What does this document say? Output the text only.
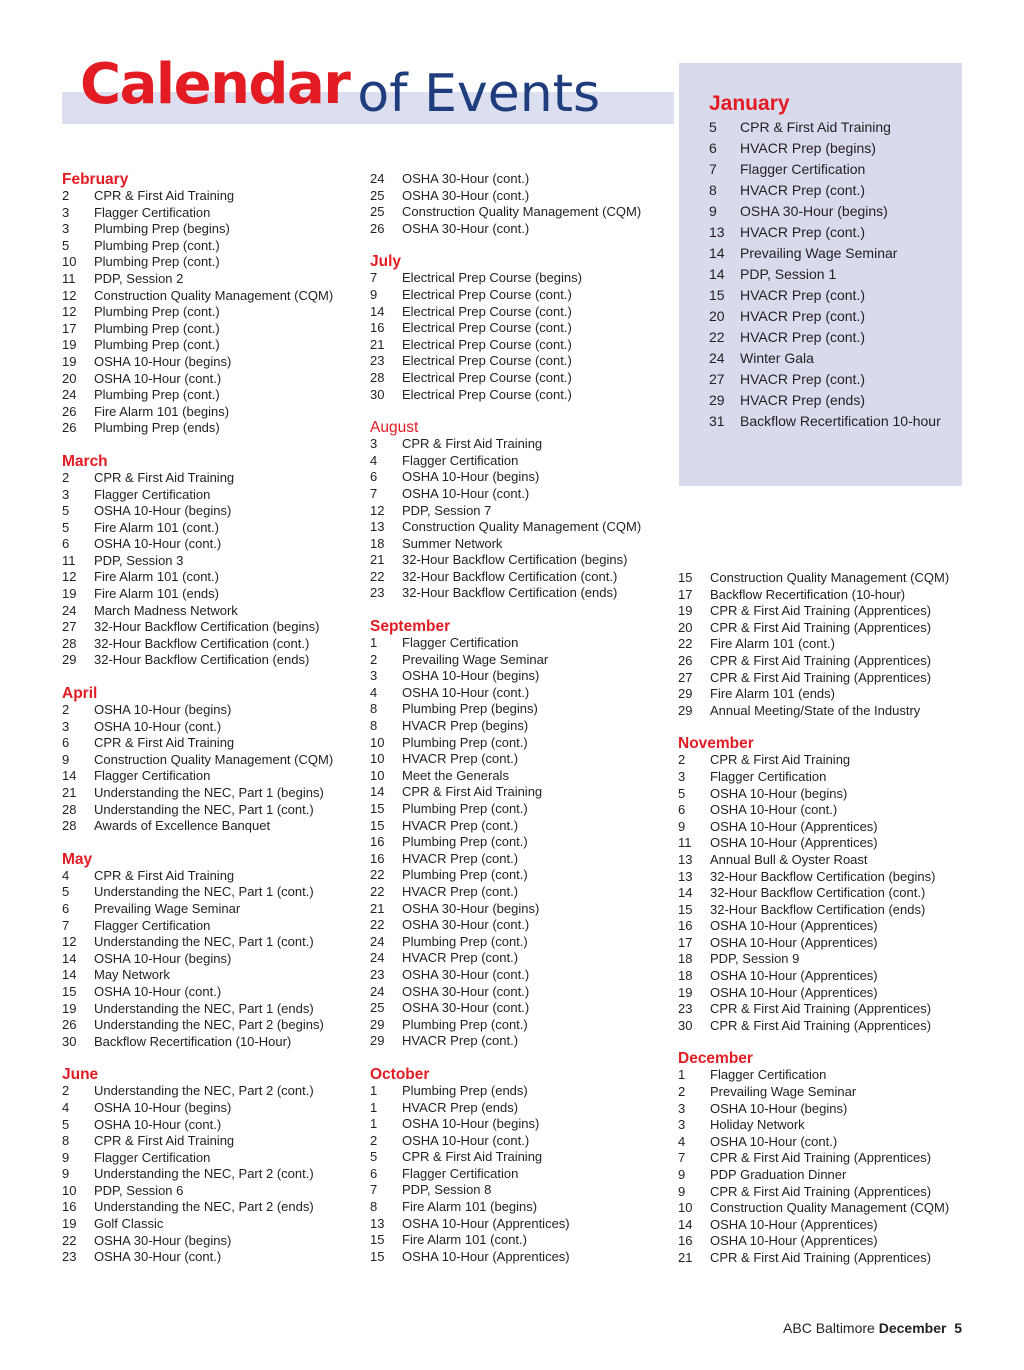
Calendar of Events
February
2	CPR & First Aid Training
3	Flagger Certification
3	Plumbing Prep (begins)
5	Plumbing Prep (cont.)
10	Plumbing Prep (cont.)
11	PDP, Session 2
12	Construction Quality Management (CQM)
12	Plumbing Prep (cont.)
17	Plumbing Prep (cont.)
19	Plumbing Prep (cont.)
19	OSHA 10-Hour (begins)
20	OSHA 10-Hour (cont.)
24	Plumbing Prep (cont.)
26	Fire Alarm 101 (begins)
26	Plumbing Prep (ends)
March
2	CPR & First Aid Training
3	Flagger Certification
5	OSHA 10-Hour (begins)
5	Fire Alarm 101 (cont.)
6	OSHA 10-Hour (cont.)
11	PDP, Session 3
12	Fire Alarm 101 (cont.)
19	Fire Alarm 101 (ends)
24	March Madness Network
27	32-Hour Backflow Certification (begins)
28	32-Hour Backflow Certification (cont.)
29	32-Hour Backflow Certification (ends)
April
2	OSHA 10-Hour (begins)
3	OSHA 10-Hour (cont.)
6	CPR & First Aid Training
9	Construction Quality Management (CQM)
14	Flagger Certification
21	Understanding the NEC, Part 1 (begins)
28	Understanding the NEC, Part 1 (cont.)
28	Awards of Excellence Banquet
May
4	CPR & First Aid Training
5	Understanding the NEC, Part 1 (cont.)
6	Prevailing Wage Seminar
7	Flagger Certification
12	Understanding the NEC, Part 1 (cont.)
14	OSHA 10-Hour (begins)
14	May Network
15	OSHA 10-Hour (cont.)
19	Understanding the NEC, Part 1 (ends)
26	Understanding the NEC, Part 2 (begins)
30	Backflow Recertification (10-Hour)
June
2	Understanding the NEC, Part 2 (cont.)
4	OSHA 10-Hour (begins)
5	OSHA 10-Hour (cont.)
8	CPR & First Aid Training
9	Flagger Certification
9	Understanding the NEC, Part 2 (cont.)
10	PDP, Session 6
16	Understanding the NEC, Part 2 (ends)
19	Golf Classic
22	OSHA 30-Hour (begins)
23	OSHA 30-Hour (cont.)
24	OSHA 30-Hour (cont.)
25	OSHA 30-Hour (cont.)
25	Construction Quality Management (CQM)
26	OSHA 30-Hour (cont.)
July
7	Electrical Prep Course (begins)
9	Electrical Prep Course (cont.)
14	Electrical Prep Course (cont.)
16	Electrical Prep Course (cont.)
21	Electrical Prep Course (cont.)
23	Electrical Prep Course (cont.)
28	Electrical Prep Course (cont.)
30	Electrical Prep Course (cont.)
August
3	CPR & First Aid Training
4	Flagger Certification
6	OSHA 10-Hour (begins)
7	OSHA 10-Hour (cont.)
12	PDP, Session 7
13	Construction Quality Management (CQM)
18	Summer Network
21	32-Hour Backflow Certification (begins)
22	32-Hour Backflow Certification (cont.)
23	32-Hour Backflow Certification (ends)
September
1	Flagger Certification
2	Prevailing Wage Seminar
3	OSHA 10-Hour (begins)
4	OSHA 10-Hour (cont.)
8	Plumbing Prep (begins)
8	HVACR Prep (begins)
10	Plumbing Prep (cont.)
10	HVACR Prep (cont.)
10	Meet the Generals
14	CPR & First Aid Training
15	Plumbing Prep (cont.)
15	HVACR Prep (cont.)
16	Plumbing Prep (cont.)
16	HVACR Prep (cont.)
22	Plumbing Prep (cont.)
22	HVACR Prep (cont.)
21	OSHA 30-Hour (begins)
22	OSHA 30-Hour (cont.)
24	Plumbing Prep (cont.)
24	HVACR Prep (cont.)
23	OSHA 30-Hour (cont.)
24	OSHA 30-Hour (cont.)
25	OSHA 30-Hour (cont.)
29	Plumbing Prep (cont.)
29	HVACR Prep (cont.)
October
1	Plumbing Prep (ends)
1	HVACR Prep (ends)
1	OSHA 10-Hour (begins)
2	OSHA 10-Hour (cont.)
5	CPR & First Aid Training
6	Flagger Certification
7	PDP, Session 8
8	Fire Alarm 101 (begins)
13	OSHA 10-Hour (Apprentices)
15	Fire Alarm 101 (cont.)
15	OSHA 10-Hour (Apprentices)
15	Construction Quality Management (CQM)
17	Backflow Recertification (10-hour)
19	CPR & First Aid Training (Apprentices)
20	CPR & First Aid Training (Apprentices)
22	Fire Alarm 101 (cont.)
26	CPR & First Aid Training (Apprentices)
27	CPR & First Aid Training (Apprentices)
29	Fire Alarm 101 (ends)
29	Annual Meeting/State of the Industry
November
2	CPR & First Aid Training
3	Flagger Certification
5	OSHA 10-Hour (begins)
6	OSHA 10-Hour (cont.)
9	OSHA 10-Hour (Apprentices)
11	OSHA 10-Hour (Apprentices)
13	Annual Bull & Oyster Roast
13	32-Hour Backflow Certification (begins)
14	32-Hour Backflow Certification (cont.)
15	32-Hour Backflow Certification (ends)
16	OSHA 10-Hour (Apprentices)
17	OSHA 10-Hour (Apprentices)
18	PDP, Session 9
18	OSHA 10-Hour (Apprentices)
19	OSHA 10-Hour (Apprentices)
23	CPR & First Aid Training (Apprentices)
30	CPR & First Aid Training (Apprentices)
December
1	Flagger Certification
2	Prevailing Wage Seminar
3	OSHA 10-Hour (begins)
3	Holiday Network
4	OSHA 10-Hour (cont.)
7	CPR & First Aid Training (Apprentices)
9	PDP Graduation Dinner
9	CPR & First Aid Training (Apprentices)
10	Construction Quality Management (CQM)
14	OSHA 10-Hour (Apprentices)
16	OSHA 10-Hour (Apprentices)
21	CPR & First Aid Training (Apprentices)
January
5	CPR & First Aid Training
6	HVACR Prep (begins)
7	Flagger Certification
8	HVACR Prep (cont.)
9	OSHA 30-Hour (begins)
13	HVACR Prep (cont.)
14	Prevailing Wage Seminar
14	PDP, Session 1
15	HVACR Prep (cont.)
20	HVACR Prep (cont.)
22	HVACR Prep (cont.)
24	Winter Gala
27	HVACR Prep (cont.)
29	HVACR Prep (ends)
31	Backflow Recertification 10-hour
ABC Baltimore December 5
